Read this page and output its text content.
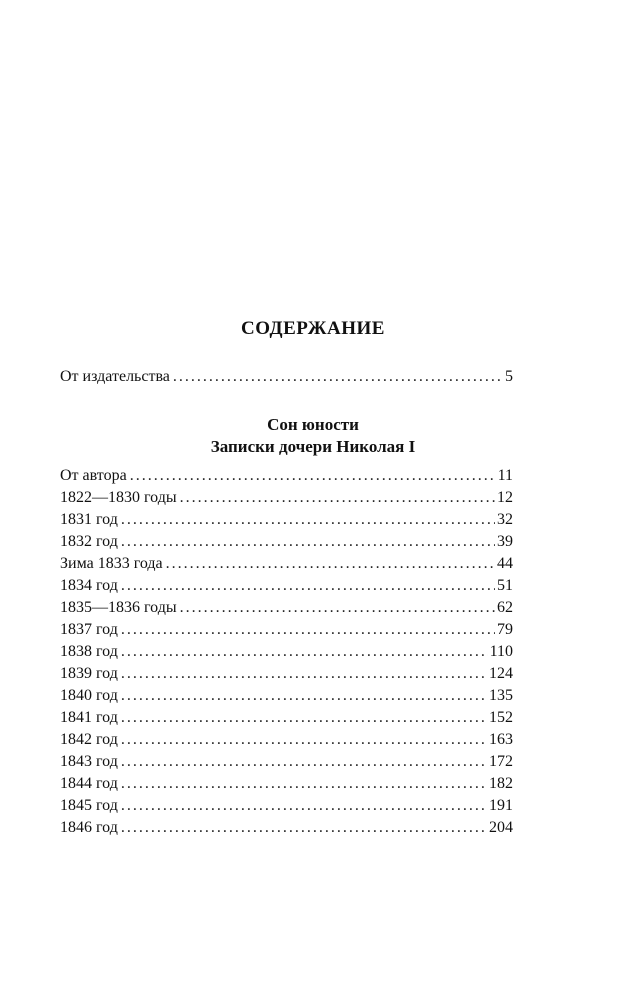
СОДЕРЖАНИЕ
От издательства . . .	5
Сон юности
Записки дочери Николая I
От автора . . .	11
1822—1830 годы . . .	12
1831 год . . .	32
1832 год . . .	39
Зима 1833 года . . .	44
1834 год . . .	51
1835—1836 годы . . .	62
1837 год . . .	79
1838 год . . .	110
1839 год . . .	124
1840 год . . .	135
1841 год . . .	152
1842 год . . .	163
1843 год . . .	172
1844 год . . .	182
1845 год . . .	191
1846 год . . .	204
